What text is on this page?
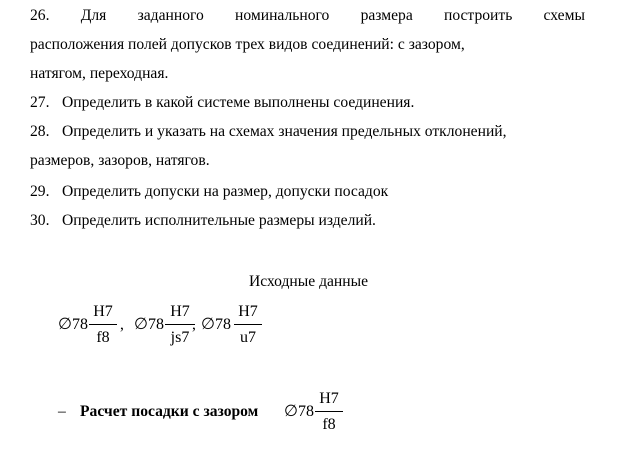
26. Для заданного номинального размера построить схемы
расположения полей допусков трех видов соединений: с зазором,
натягом, переходная.
27. Определить в какой системе выполнены соединения.
28. Определить и указать на схемах значения предельных отклонений,
размеров, зазоров, натягов.
29. Определить допуски на размер, допуски посадок
30. Определить исполнительные размеры изделий.
Исходные данные
∅78
H7
f8
, ∅78
H7
js7
, ∅78
H7
u7
– Расчет посадки с зазором ∅78
H7
f8
